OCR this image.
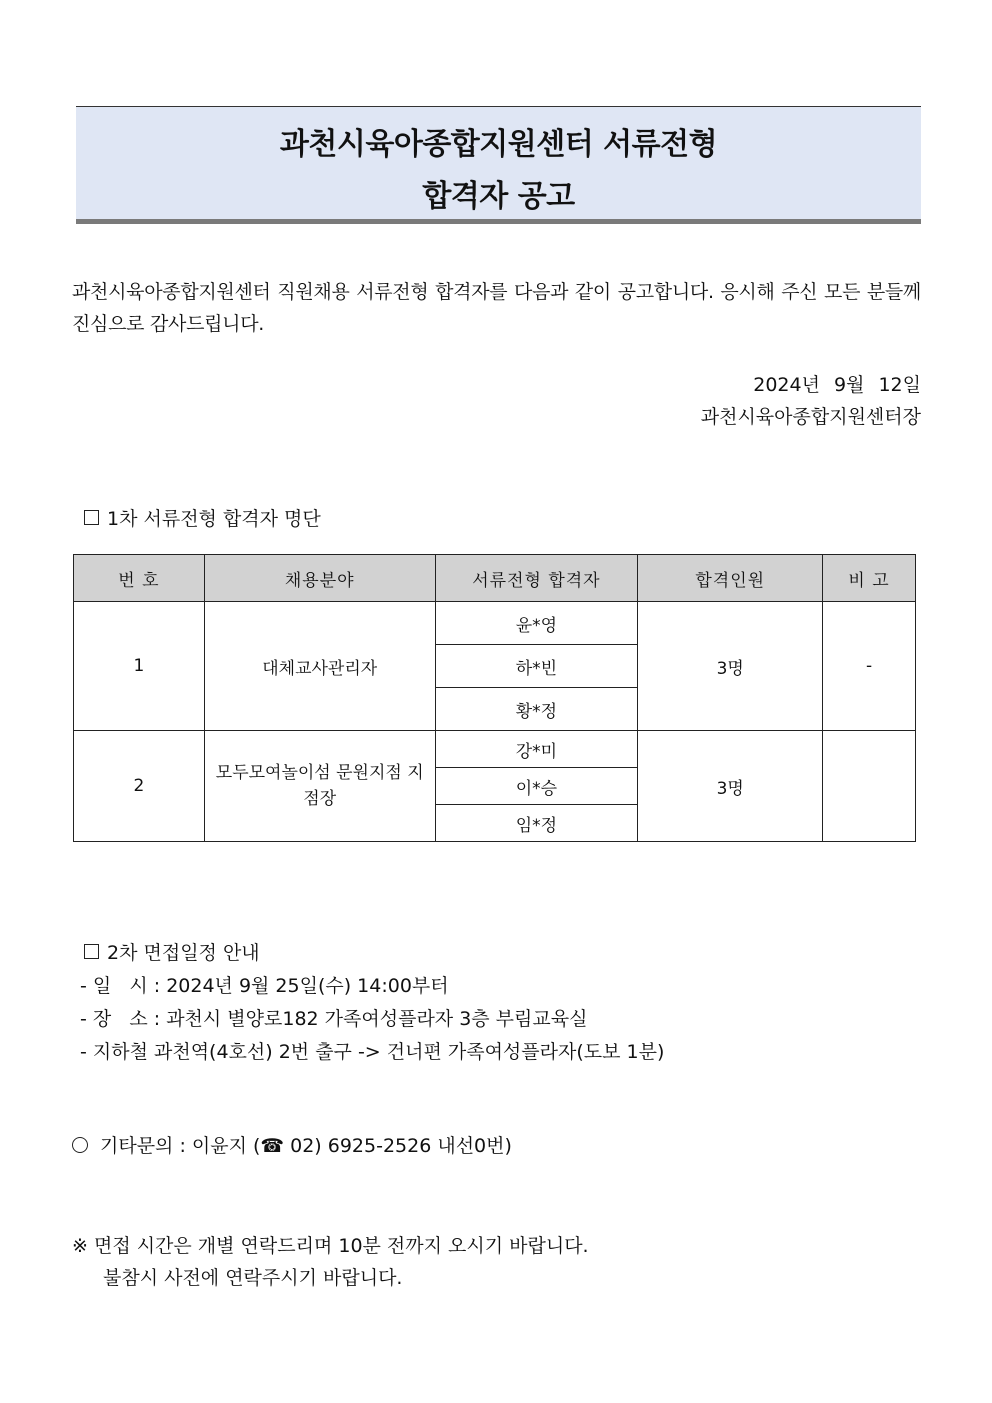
과천시육아종합지원센터 서류전형
합격자 공고
과천시육아종합지원센터 직원채용 서류전형 합격자를 다음과 같이 공고합니다. 응시해 주신 모든 분들께 진심으로 감사드립니다.
2024년 9월 12일
과천시육아종합지원센터장
1차 서류전형 합격자 명단
번 호	채용분야	서류전형 합격자	합격인원	비 고
1	대체교사관리자	윤*영	3명	-
		하*빈		
		황*정		
2	모두모여놀이섬 문원지점 지점장	강*미	3명	
		이*승		
		임*정		
2차 면접일정 안내
- 일   시 : 2024년 9월 25일(수) 14:00부터
- 장   소 : 과천시 별양로182 가족여성플라자 3층 부림교육실
- 지하철 과천역(4호선) 2번 출구 -> 건너편 가족여성플라자(도보 1분)
기타문의 : 이윤지 (☎ 02) 6925-2526 내선0번)
※ 면접 시간은 개별 연락드리며 10분 전까지 오시기 바랍니다.
불참시 사전에 연락주시기 바랍니다.
